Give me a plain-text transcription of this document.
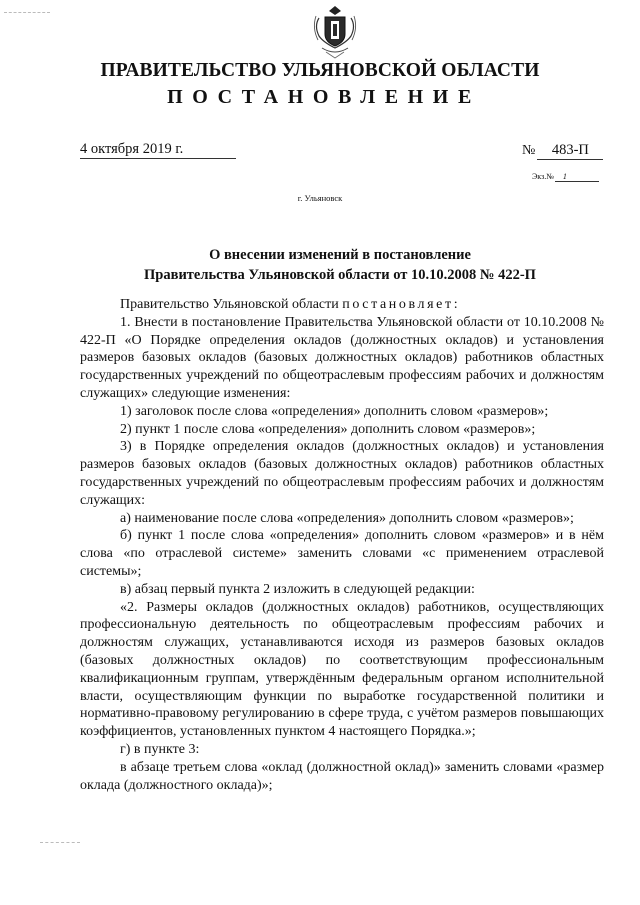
ПРАВИТЕЛЬСТВО УЛЬЯНОВСКОЙ ОБЛАСТИ
ПОСТАНОВЛЕНИЕ
4 октября 2019 г.	№ 483-П
Экз.№ 1
г. Ульяновск
О внесении изменений в постановление
Правительства Ульяновской области от 10.10.2008 № 422-П

Правительство Ульяновской области постановляет:

1. Внести в постановление Правительства Ульяновской области от 10.10.2008 № 422-П «О Порядке определения окладов (должностных окладов) и установления размеров базовых окладов (базовых должностных окладов) работников областных государственных учреждений по общеотраслевым профессиям рабочих и должностям служащих» следующие изменения:

1) заголовок после слова «определения» дополнить словом «размеров»;

2) пункт 1 после слова «определения» дополнить словом «размеров»;

3) в Порядке определения окладов (должностных окладов) и установления размеров базовых окладов (базовых должностных окладов) работников областных государственных учреждений по общеотраслевым профессиям рабочих и должностям служащих:

а) наименование после слова «определения» дополнить словом «размеров»;

б) пункт 1 после слова «определения» дополнить словом «размеров» и в нём слова «по отраслевой системе» заменить словами «с применением отраслевой системы»;

в) абзац первый пункта 2 изложить в следующей редакции:

«2. Размеры окладов (должностных окладов) работников, осуществляющих профессиональную деятельность по общеотраслевым профессиям рабочих и должностям служащих, устанавливаются исходя из размеров базовых окладов (базовых должностных окладов) по соответствующим профессиональным квалификационным группам, утверждённым федеральным органом исполнительной власти, осуществляющим функции по выработке государственной политики и нормативно-правовому регулированию в сфере труда, с учётом размеров повышающих коэффициентов, установленных пунктом 4 настоящего Порядка.»;

г) в пункте 3:

в абзаце третьем слова «оклад (должностной оклад)» заменить словами «размер оклада (должностного оклада)»;
